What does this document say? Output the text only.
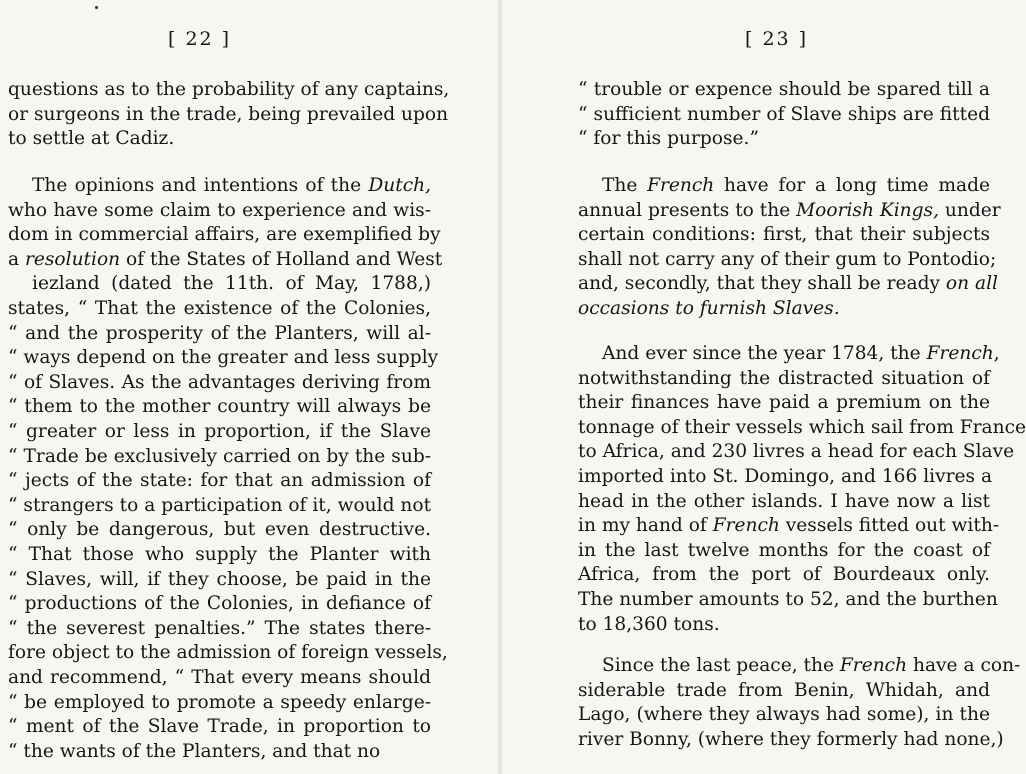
[ 22 ]
questions as to the probability of any captains,
or surgeons in the trade, being prevailed upon
to settle at Cadiz.
The opinions and intentions of the Dutch,
who have some claim to experience and wis-
dom in commercial affairs, are exemplified by
a resolution of the States of Holland and West
iezland (dated the 11th. of May, 1788,)
states, “ That the existence of the Colonies,
“ and the prosperity of the Planters, will al-
“ ways depend on the greater and less supply
“ of Slaves. As the advantages deriving from
“ them to the mother country will always be
“ greater or less in proportion, if the Slave
“ Trade be exclusively carried on by the sub-
“ jects of the state: for that an admission of
“ strangers to a participation of it, would not
“ only be dangerous, but even destructive.
“ That those who supply the Planter with
“ Slaves, will, if they choose, be paid in the
“ productions of the Colonies, in defiance of
“ the severest penalties.” The states there-
fore object to the admission of foreign vessels,
and recommend, “ That every means should
“ be employed to promote a speedy enlarge-
“ ment of the Slave Trade, in proportion to
“ the wants of the Planters, and that no
[ 23 ]
“ trouble or expence should be spared till a
“ sufficient number of Slave ships are fitted
“ for this purpose.”
The French have for a long time made
annual presents to the Moorish Kings, under
certain conditions: first, that their subjects
shall not carry any of their gum to Pontodio;
and, secondly, that they shall be ready on all
occasions to furnish Slaves.
And ever since the year 1784, the French,
notwithstanding the distracted situation of
their finances have paid a premium on the
tonnage of their vessels which sail from France
to Africa, and 230 livres a head for each Slave
imported into St. Domingo, and 166 livres a
head in the other islands. I have now a list
in my hand of French vessels fitted out with-
in the last twelve months for the coast of
Africa, from the port of Bourdeaux only.
The number amounts to 52, and the burthen
to 18,360 tons.
Since the last peace, the French have a con-
siderable trade from Benin, Whidah, and
Lago, (where they always had some), in the
river Bonny, (where they formerly had none,)
